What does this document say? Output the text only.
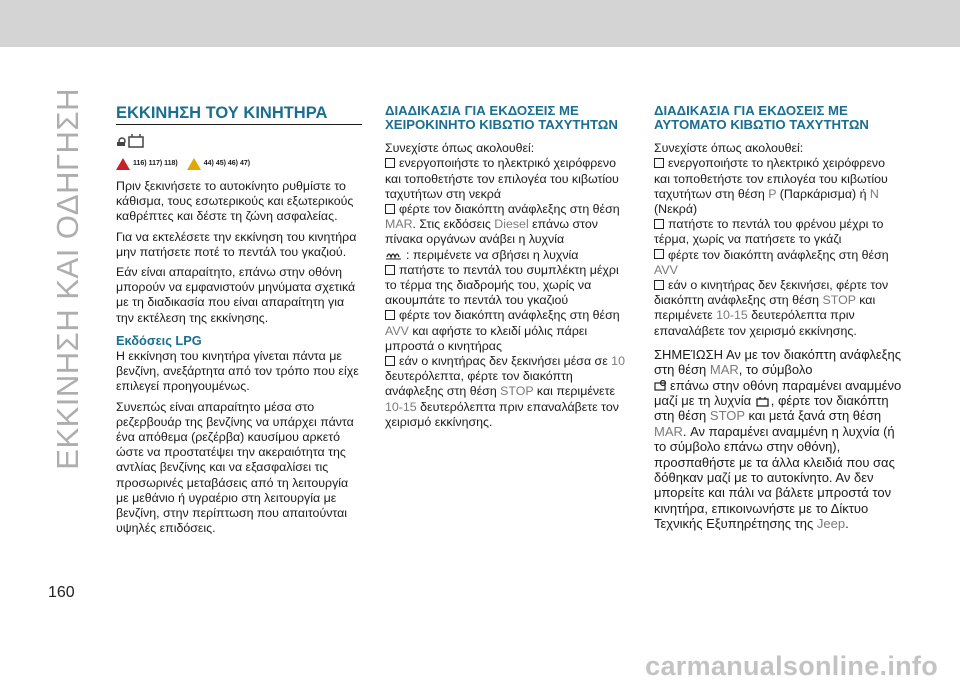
ΕΚΚΙΝΗΣΗ ΚΑΙ ΟΔΗΓΗΣΗ ΕΚΚΙΝΗΣΗ ΤΟΥ ΚΙΝΗΤΗΡΑ
116) 117) 118)	44) 45) 46) 47)

Πριν ξεκινήσετε το αυτοκίνητο ρυθμίστε το κάθισμα, τους εσωτερικούς και εξωτερικούς καθρέπτες και δέστε τη ζώνη ασφαλείας.

Για να εκτελέσετε την εκκίνηση του κινητήρα μην πατήσετε ποτέ το πεντάλ του γκαζιού.

Εάν είναι απαραίτητο, επάνω στην οθόνη μπορούν να εμφανιστούν μηνύματα σχετικά με τη διαδικασία που είναι απαραίτητη για την εκτέλεση της εκκίνησης.

Εκδόσεις LPG

Η εκκίνηση του κινητήρα γίνεται πάντα με βενζίνη, ανεξάρτητα από τον τρόπο που είχε επιλεγεί προηγουμένως.

Συνεπώς είναι απαραίτητο μέσα στο ρεζερβουάρ της βενζίνης να υπάρχει πάντα ένα απόθεμα (ρεζέρβα) καυσίμου αρκετό ώστε να προστατέψει την ακεραιότητα της αντλίας βενζίνης και να εξασφαλίσει τις προσωρινές μεταβάσεις από τη λειτουργία με μεθάνιο ή υγραέριο στη λειτουργία με βενζίνη, στην περίπτωση που απαιτούνται υψηλές επιδόσεις.

ΔΙΑΔΙΚΑΣΙΑ ΓΙΑ ΕΚΔΟΣΕΙΣ ΜΕ ΧΕΙΡΟΚΙΝΗΤΟ ΚΙΒΩΤΙΟ ΤΑΧΥΤΗΤΩΝ

Συνεχίστε όπως ακολουθεί:

ενεργοποιήστε το ηλεκτρικό χειρόφρενο και τοποθετήστε τον επιλογέα του κιβωτίου ταχυτήτων στη νεκρά
φέρτε τον διακόπτη ανάφλεξης στη θέση MAR. Στις εκδόσεις Diesel επάνω στον πίνακα οργάνων ανάβει η λυχνία
: περιμένετε να σβήσει η λυχνία
πατήστε το πεντάλ του συμπλέκτη μέχρι το τέρμα της διαδρομής του, χωρίς να ακουμπάτε το πεντάλ του γκαζιού
φέρτε τον διακόπτη ανάφλεξης στη θέση AVV και αφήστε το κλειδί μόλις πάρει μπροστά ο κινητήρας
εάν ο κινητήρας δεν ξεκινήσει μέσα σε 10 δευτερόλεπτα, φέρτε τον διακόπτη ανάφλεξης στη θέση STOP και περιμένετε 10-15 δευτερόλεπτα πριν επαναλάβετε τον χειρισμό εκκίνησης.
ΔΙΑΔΙΚΑΣΙΑ ΓΙΑ ΕΚΔΟΣΕΙΣ ΜΕ ΑΥΤΟΜΑΤΟ ΚΙΒΩΤΙΟ ΤΑΧΥΤΗΤΩΝ

Συνεχίστε όπως ακολουθεί:

ενεργοποιήστε το ηλεκτρικό χειρόφρενο και τοποθετήστε τον επιλογέα του κιβωτίου ταχυτήτων στη θέση P (Παρκάρισμα) ή N (Νεκρά)
πατήστε το πεντάλ του φρένου μέχρι το τέρμα, χωρίς να πατήσετε το γκάζι
φέρτε τον διακόπτη ανάφλεξης στη θέση AVV
εάν ο κινητήρας δεν ξεκινήσει, φέρτε τον διακόπτη ανάφλεξης στη θέση STOP και περιμένετε 10-15 δευτερόλεπτα πριν επαναλάβετε τον χειρισμό εκκίνησης.
ΣΗΜΕΊΩΣΗ Αν με τον διακόπτη ανάφλεξης στη θέση MAR, το σύμβολο
επάνω στην οθόνη παραμένει αναμμένο μαζί με τη λυχνία , φέρτε τον διακόπτη στη θέση STOP και μετά ξανά στη θέση MAR. Αν παραμένει αναμμένη η λυχνία (ή το σύμβολο επάνω στην οθόνη), προσπαθήστε με τα άλλα κλειδιά που σας δόθηκαν μαζί με το αυτοκίνητο. Αν δεν μπορείτε και πάλι να βάλετε μπροστά τον κινητήρα, επικοινωνήστε με το Δίκτυο Τεχνικής Εξυπηρέτησης της Jeep.
160
carmanualsonline.info
